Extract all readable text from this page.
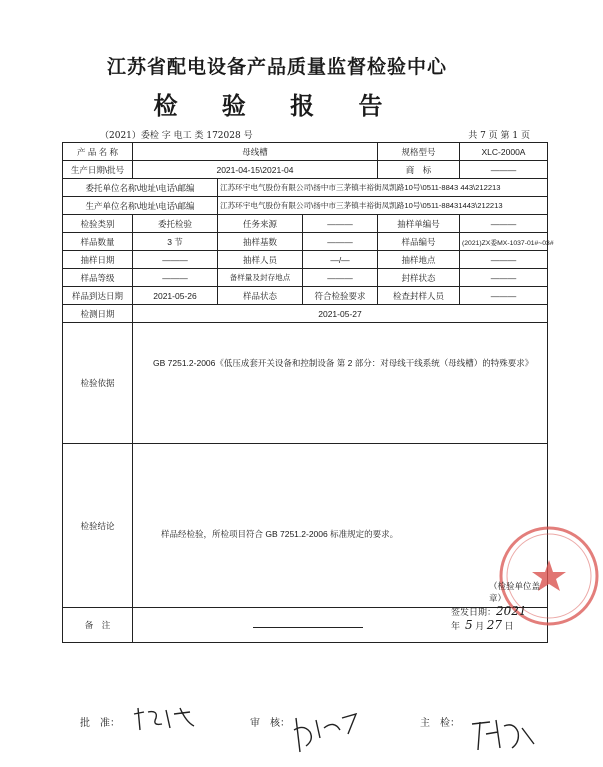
江苏省配电设备产品质量监督检验中心
检 验 报 告
（2021）委检 字 电工 类 172028 号	共 7 页 第 1 页
产 品 名 称	母线槽			规格型号	XLC-2000A
生产日期\批号	2021-04-15\2021-04			商　标	———
委托单位名称\地址\电话\邮编		江苏环宇电气股份有限公司\扬中市三茅镇丰裕街凤凯路10号\0511-8843 443\212213			
生产单位名称\地址\电话\邮编		江苏环宇电气股份有限公司\扬中市三茅镇丰裕街凤凯路10号\0511-88431443\212213			
检验类别	委托检验	任务来源	———	抽样单编号	———
样品数量	3 节	抽样基数	———	样品编号	(2021)ZX委MX-1037-01#~03#
抽样日期	———	抽样人员	—/—	抽样地点	———
样品等级	———	备样量及封存地点	———	封样状态	———
样品到达日期	2021-05-26	样品状态	符合检验要求	检查封样人员	———
检测日期	2021-05-27				
检验依据	GB 7251.2-2006《低压成套开关设备和控制设备 第 2 部分：对母线干线系统（母线槽）的特殊要求》				
检验结论	样品经检验，所检项目符合 GB 7251.2-2006 标准规定的要求。
（检验单位盖章）
签发日期：2021年 5 月 27 日				

备　注					
批　准：	审　核：	主　检：
